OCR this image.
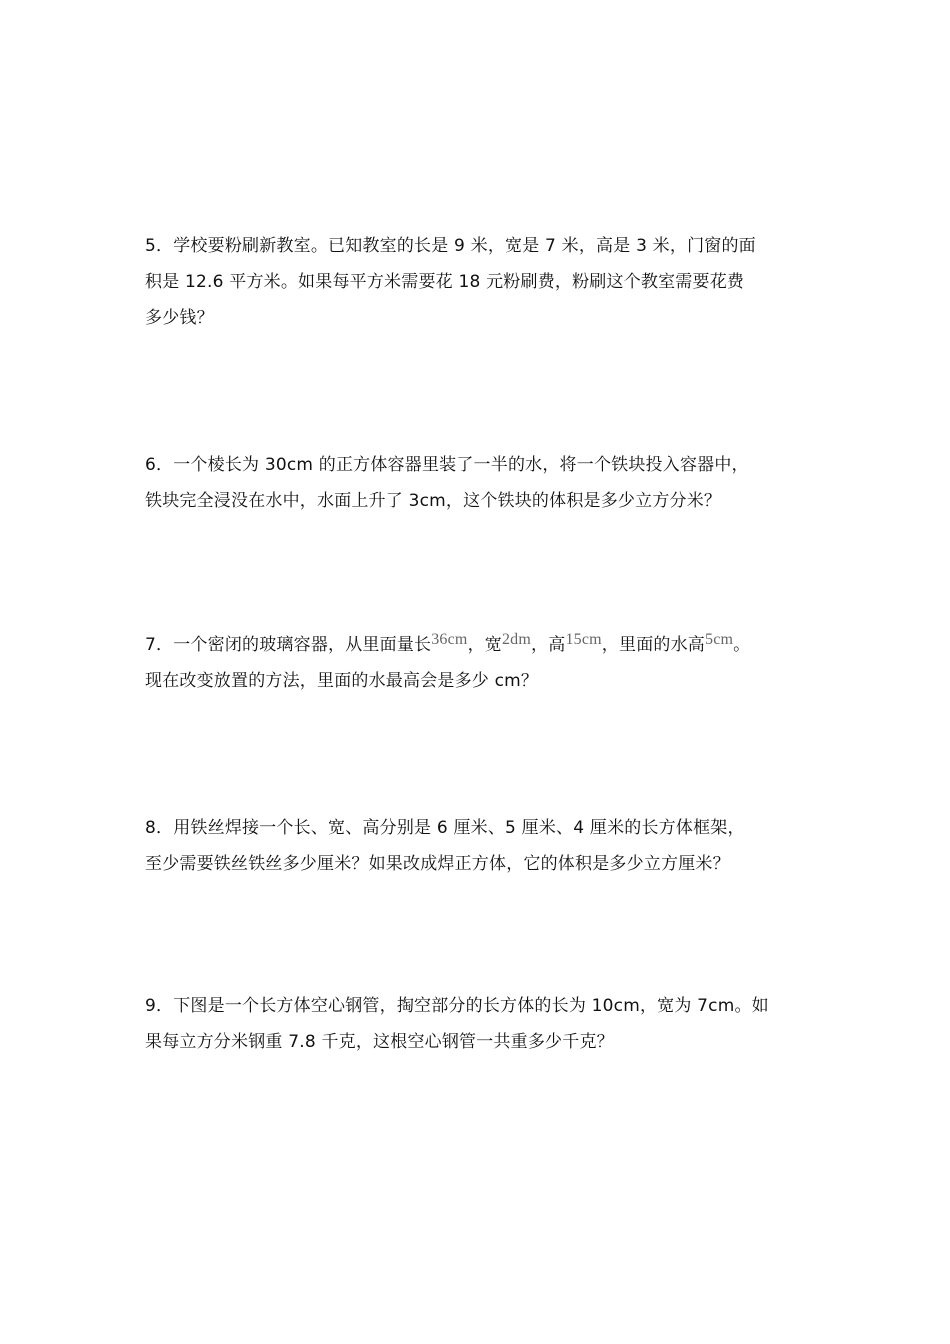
5．学校要粉刷新教室。已知教室的长是 9 米，宽是 7 米，高是 3 米，门窗的面
积是 12.6 平方米。如果每平方米需要花 18 元粉刷费，粉刷这个教室需要花费
多少钱？
6．一个棱长为 30cm 的正方体容器里装了一半的水，将一个铁块投入容器中，
铁块完全浸没在水中，水面上升了 3cm，这个铁块的体积是多少立方分米？
7．一个密闭的玻璃容器，从里面量长36cm，宽2dm，高15cm，里面的水高5cm。
现在改变放置的方法，里面的水最高会是多少 cm？
8．用铁丝焊接一个长、宽、高分别是 6 厘米、5 厘米、4 厘米的长方体框架，
至少需要铁丝铁丝多少厘米？如果改成焊正方体，它的体积是多少立方厘米？
9．下图是一个长方体空心钢管，掏空部分的长方体的长为 10cm，宽为 7cm。如
果每立方分米钢重 7.8 千克，这根空心钢管一共重多少千克？
